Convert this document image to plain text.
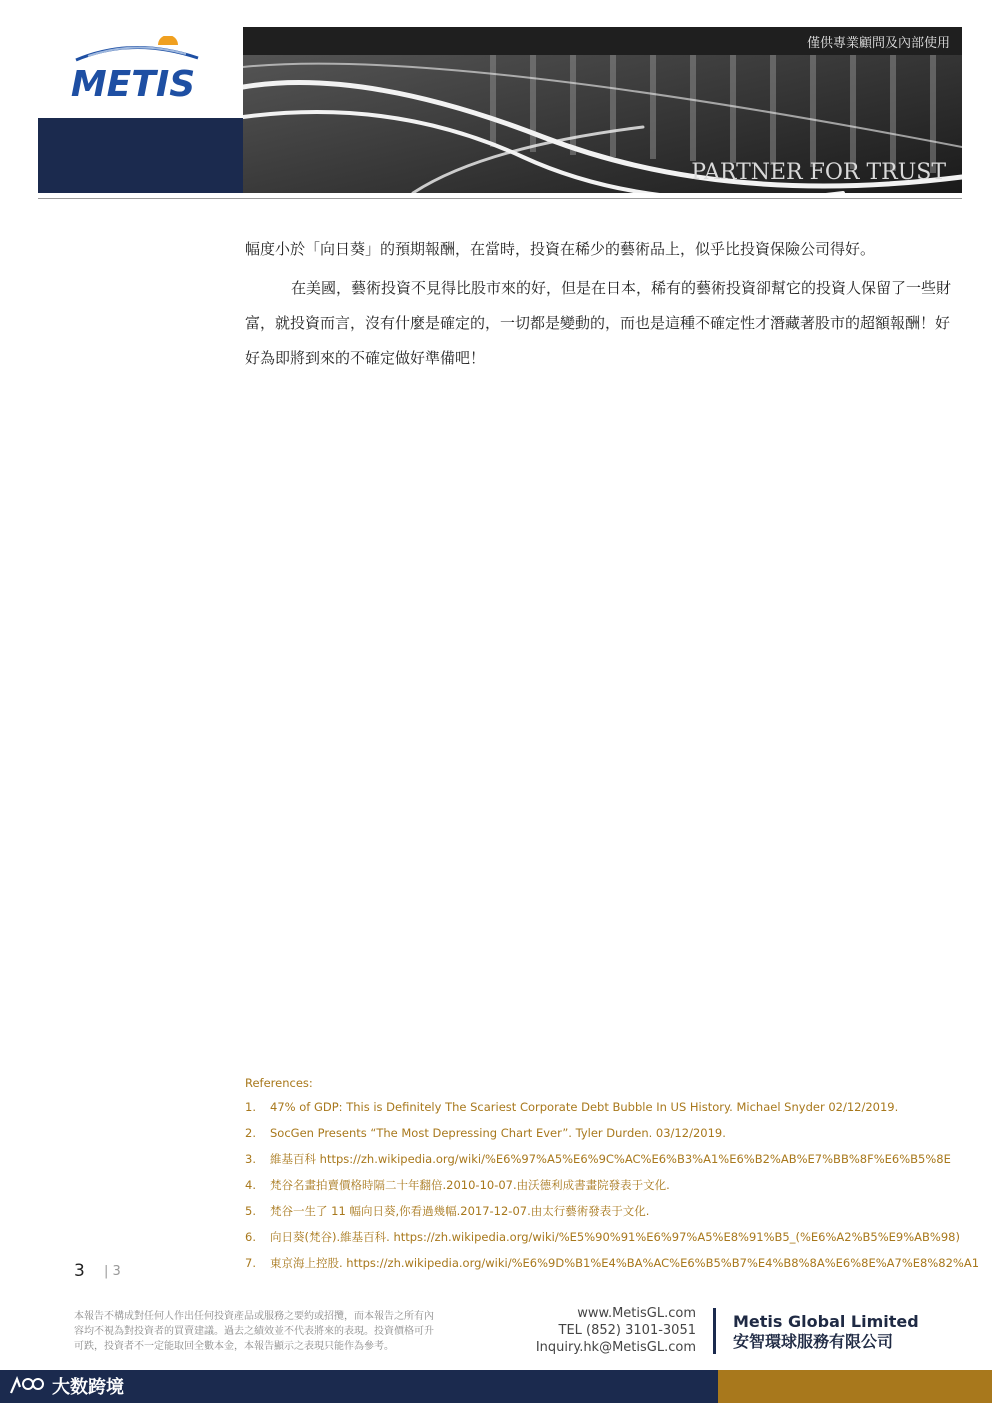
METIS
僅供專業顧問及內部使用
PARTNER FOR TRUST

幅度小於「向日葵」的預期報酬，在當時，投資在稀少的藝術品上，似乎比投資保險公司得好。

在美國，藝術投資不見得比股市來的好，但是在日本，稀有的藝術投資卻幫它的投資人保留了一些財富，就投資而言，沒有什麼是確定的，一切都是變動的，而也是這種不確定性才潛藏著股市的超額報酬！好好為即將到來的不確定做好準備吧！

References:
1.	47% of GDP: This is Definitely The Scariest Corporate Debt Bubble In US History. Michael Snyder 02/12/2019.
2.	SocGen Presents “The Most Depressing Chart Ever”. Tyler Durden. 03/12/2019.
3.	維基百科 https://zh.wikipedia.org/wiki/%E6%97%A5%E6%9C%AC%E6%B3%A1%E6%B2%AB%E7%BB%8F%E6%B5%8E
4.	梵谷名畫拍賣價格時隔二十年翻倍.2010-10-07.由沃德利成書畫院發表于文化.
5.	梵谷一生了 11 幅向日葵,你看過幾幅.2017-12-07.由太行藝術發表于文化.
6.	向日葵(梵谷).維基百科. https://zh.wikipedia.org/wiki/%E5%90%91%E6%97%A5%E8%91%B5_(%E6%A2%B5%E9%AB%98)
7.	東京海上控股. https://zh.wikipedia.org/wiki/%E6%9D%B1%E4%BA%AC%E6%B5%B7%E4%B8%8A%E6%8E%A7%E8%82%A1
3 | 3
本報告不構成對任何人作出任何投資產品或服務之要約或招攬，而本報告之所有內
容均不視為對投資者的買賣建議。過去之績效並不代表將來的表現。投資價格可升
可跌，投資者不一定能取回全數本金，本報告顯示之表現只能作為參考。
www.MetisGL.com
TEL (852) 3101-3051
Inquiry.hk@MetisGL.com
Metis Global Limited
安智環球服務有限公司
大数跨境
